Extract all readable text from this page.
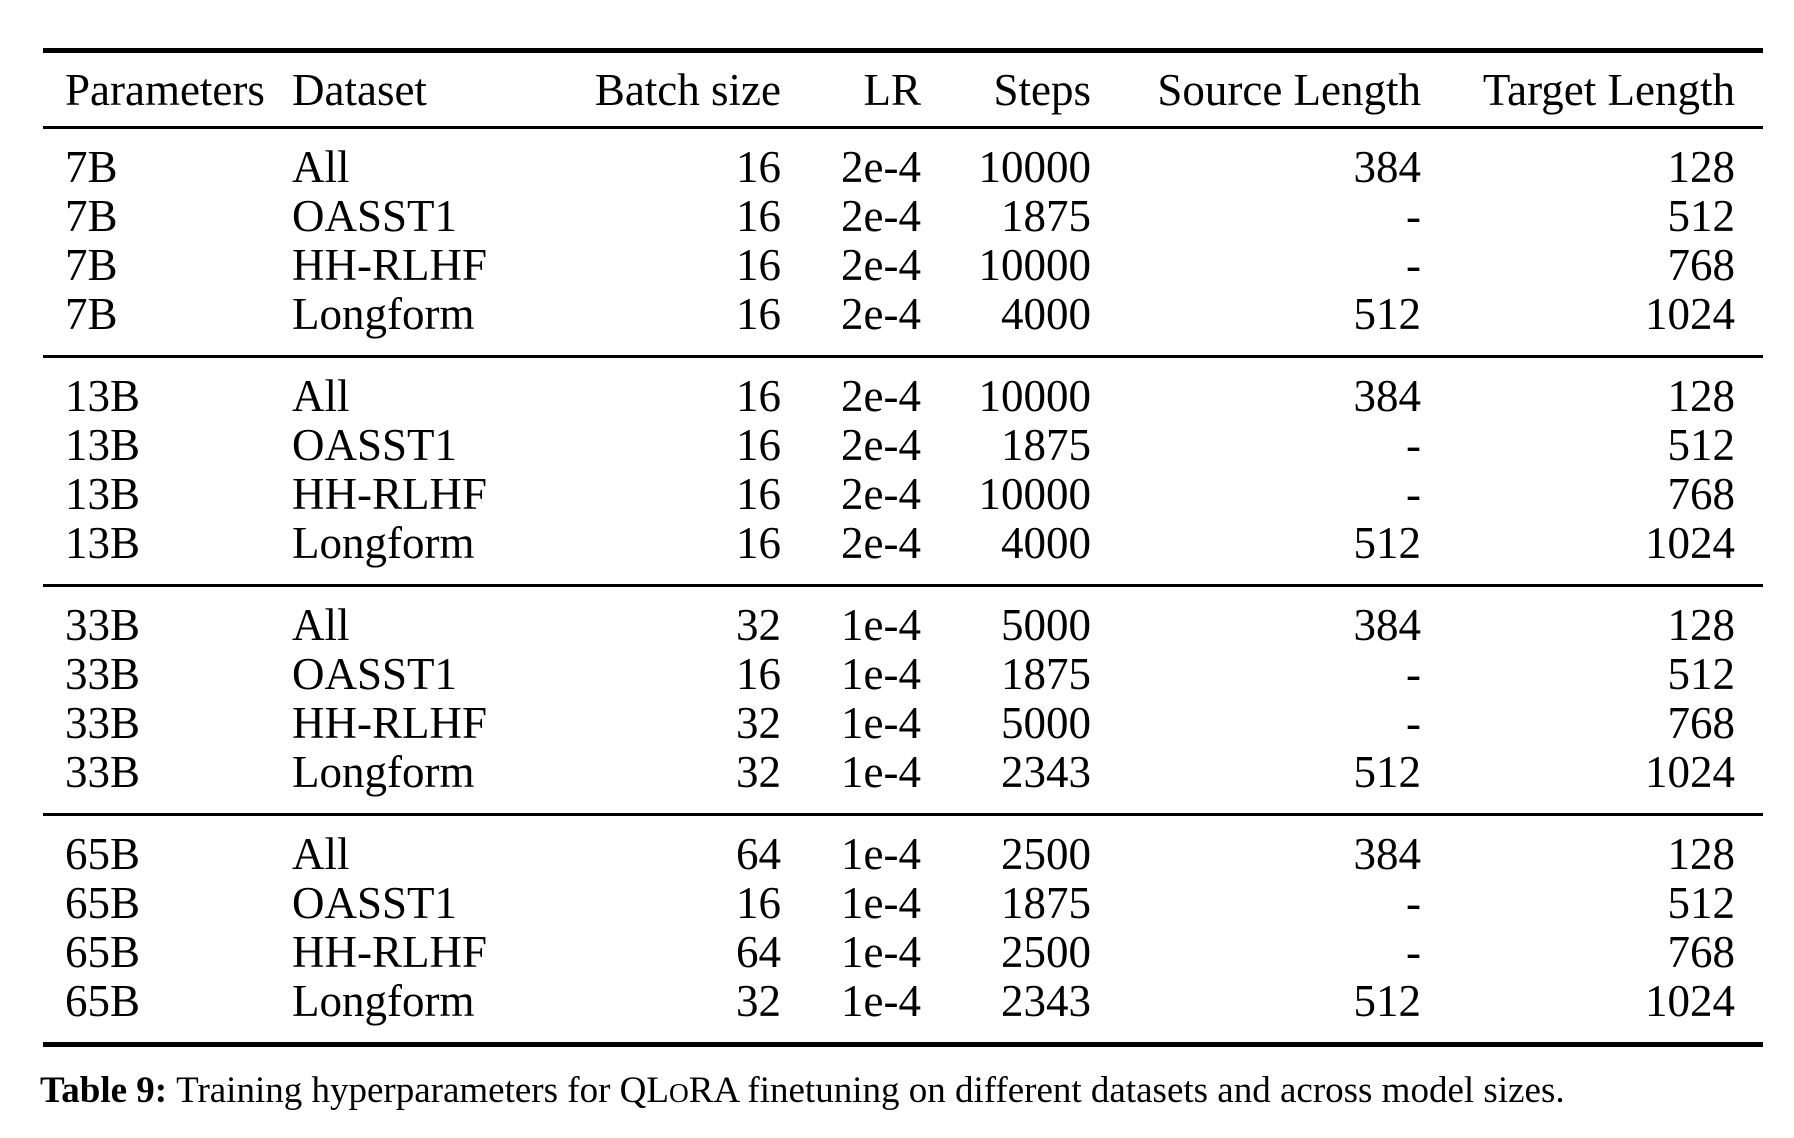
Parameters	Dataset	Batch size	LR	Steps	Source Length	Target Length
7B	All	16	2e-4	10000	384	128
7B	OASST1	16	2e-4	1875	-	512
7B	HH-RLHF	16	2e-4	10000	-	768
7B	Longform	16	2e-4	4000	512	1024
13B	All	16	2e-4	10000	384	128
13B	OASST1	16	2e-4	1875	-	512
13B	HH-RLHF	16	2e-4	10000	-	768
13B	Longform	16	2e-4	4000	512	1024
33B	All	32	1e-4	5000	384	128
33B	OASST1	16	1e-4	1875	-	512
33B	HH-RLHF	32	1e-4	5000	-	768
33B	Longform	32	1e-4	2343	512	1024
65B	All	64	1e-4	2500	384	128
65B	OASST1	16	1e-4	1875	-	512
65B	HH-RLHF	64	1e-4	2500	-	768
65B	Longform	32	1e-4	2343	512	1024
Table 9: Training hyperparameters for QLORA finetuning on different datasets and across model sizes.
